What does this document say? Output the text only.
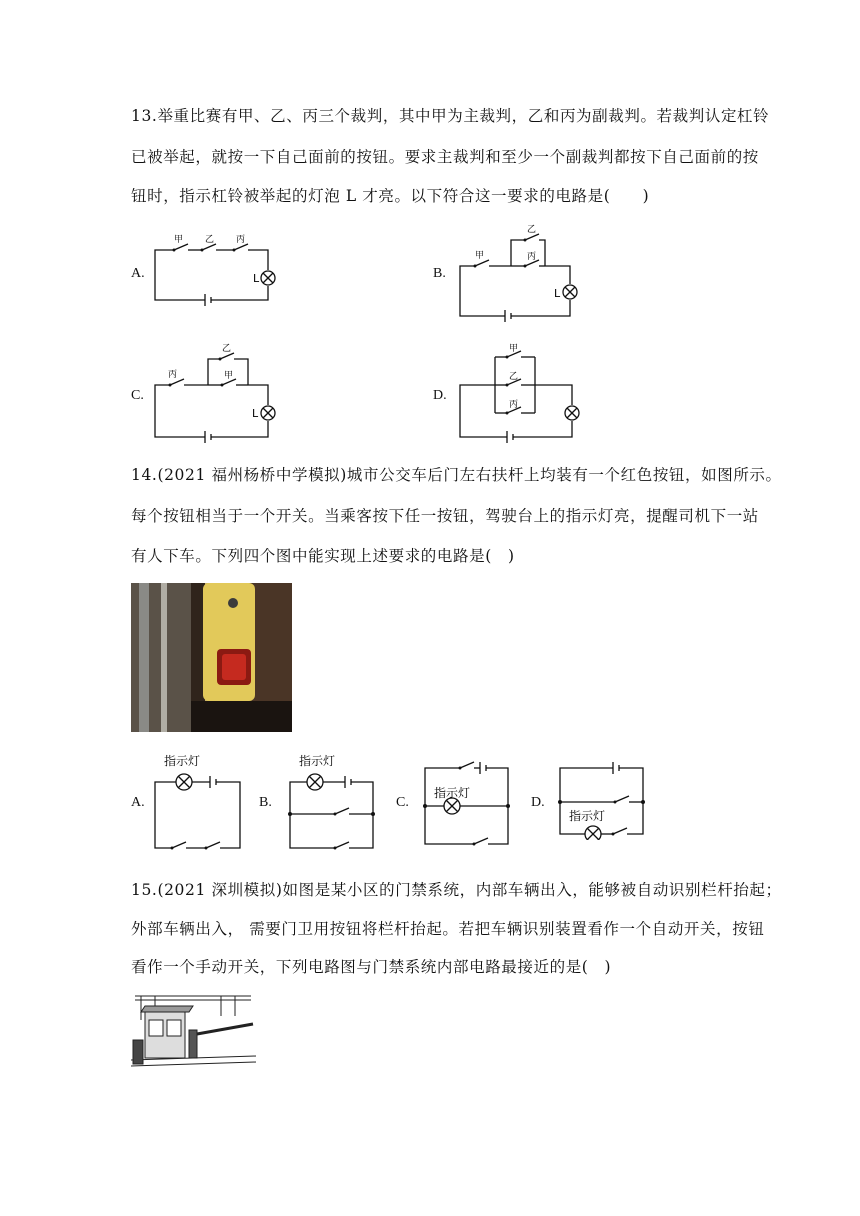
13.举重比赛有甲、乙、丙三个裁判，其中甲为主裁判，乙和丙为副裁判。若裁判认定杠铃
已被举起，就按一下自己面前的按钮。要求主裁判和至少一个副裁判都按下自己面前的按
钮时，指示杠铃被举起的灯泡 L 才亮。以下符合这一要求的电路是(　　)
A.	B.
C.	D.
甲 乙 丙
L
甲
乙
丙
L
丙
乙
甲
L
甲
乙
丙
14.(2021 福州杨桥中学模拟)城市公交车后门左右扶杆上均装有一个红色按钮，如图所示。
每个按钮相当于一个开关。当乘客按下任一按钮，驾驶台上的指示灯亮，提醒司机下一站
有人下车。下列四个图中能实现上述要求的电路是(　)
A.	B.	C.	D.
指示灯	指示灯
指示灯
指示灯
15.(2021 深圳模拟)如图是某小区的门禁系统，内部车辆出入，能够被自动识别栏杆抬起；
外部车辆出入， 需要门卫用按钮将栏杆抬起。若把车辆识别装置看作一个自动开关，按钮
看作一个手动开关，下列电路图与门禁系统内部电路最接近的是(　)
